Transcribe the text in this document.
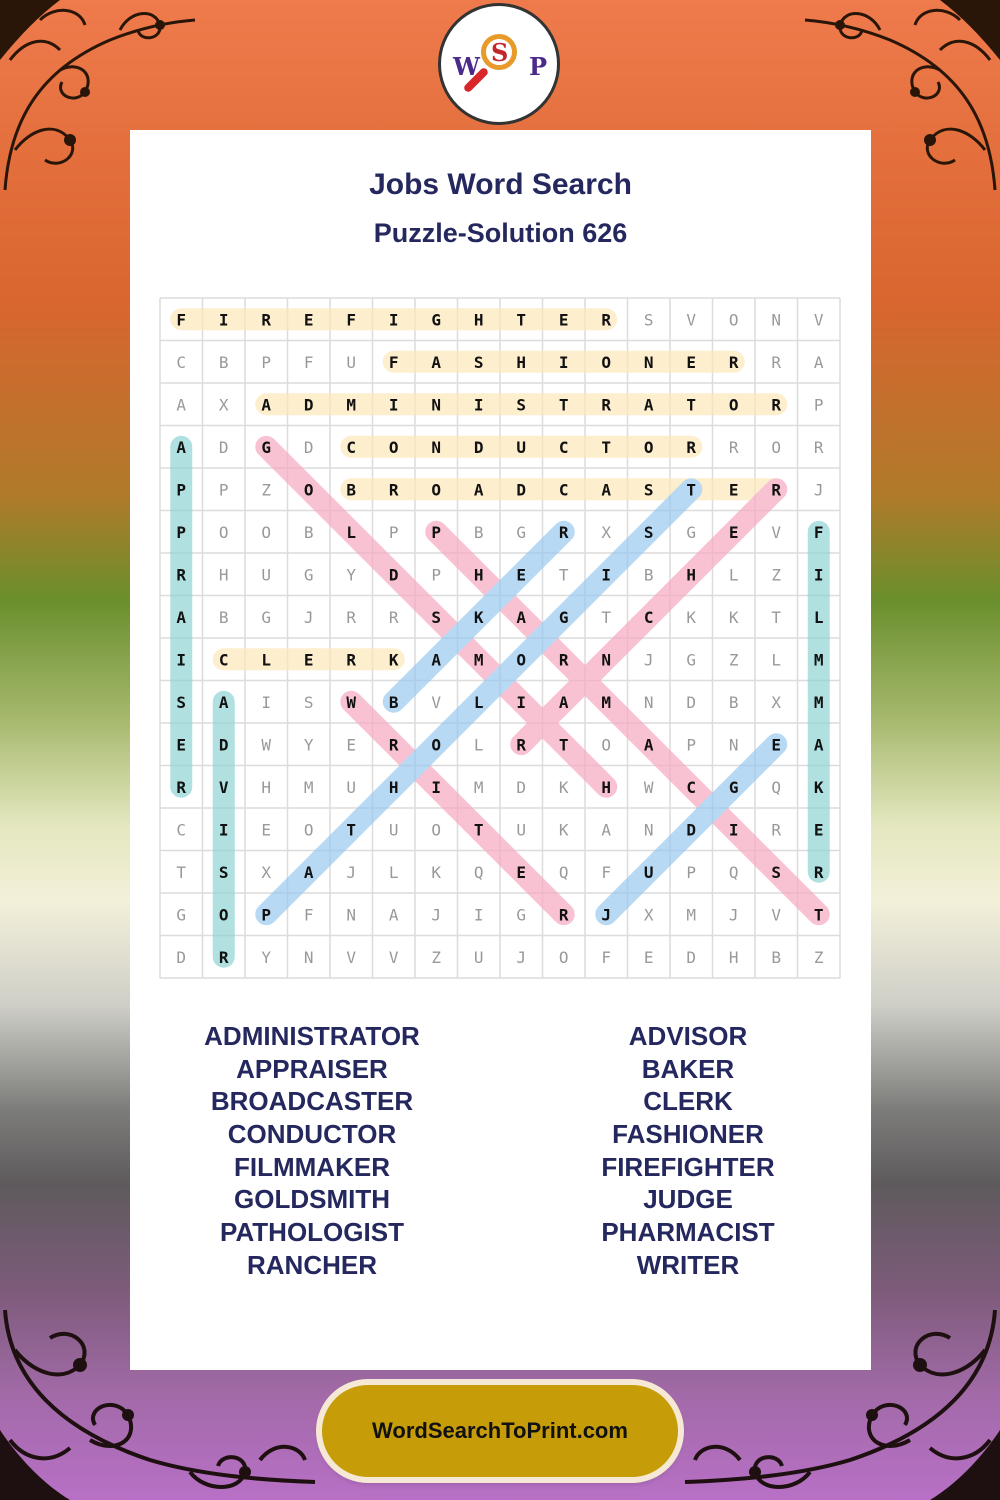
W S P
Jobs Word Search
Puzzle-Solution 626
F I R E F I G H T E R S V O N V
C B P F U F A S H I O N E R R A
A X A D M I N I S T R A T O R P
A D G D C O N D U C T O R R O R
P P Z O B R O A D C A S T E R J
P O O B L P P B G R X S G E V F
R H U G Y D P H E T I B H L Z I
A B G J R R S K A G T C K K T L
I C L E R K A M O R N J G Z L M
S A I S W B V L I A M N D B X M
E D W Y E R O L R T O A P N E A
R V H M U H I M D K H W C G Q K
C I E O T U O T U K A N D I R E
T S X A J L K Q E Q F U P Q S R
G O P F N A J I G R J X M J V T
D R Y N V V Z U J O F E D H B Z
ADMINISTRATOR
APPRAISER
BROADCASTER
CONDUCTOR
FILMMAKER
GOLDSMITH
PATHOLOGIST
RANCHER
ADVISOR
BAKER
CLERK
FASHIONER
FIREFIGHTER
JUDGE
PHARMACIST
WRITER
WordSearchToPrint.com
